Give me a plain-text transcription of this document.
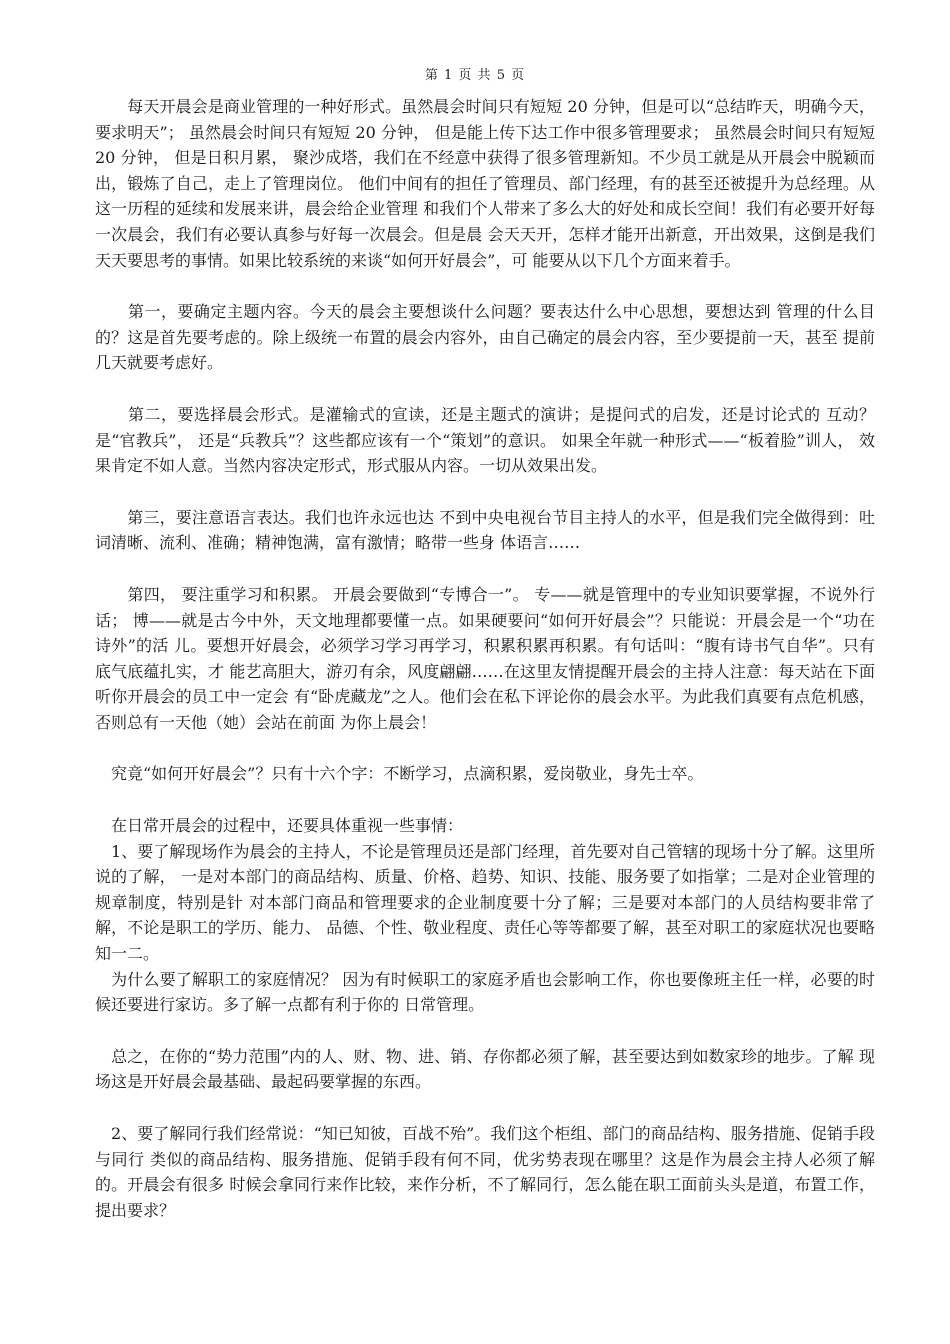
第 1 页 共 5 页

　　每天开晨会是商业管理的一种好形式。虽然晨会时间只有短短 20 分钟，但是可以“总结昨天，明确今天，要求明天”； 虽然晨会时间只有短短 20 分钟， 但是能上传下达工作中很多管理要求； 虽然晨会时间只有短短 20 分钟， 但是日积月累， 聚沙成塔，我们在不经意中获得了很多管理新知。不少员工就是从开晨会中脱颖而出，锻炼了自己，走上了管理岗位。 他们中间有的担任了管理员、部门经理，有的甚至还被提升为总经理。从这一历程的延续和发展来讲，晨会给企业管理 和我们个人带来了多么大的好处和成长空间！我们有必要开好每一次晨会，我们有必要认真参与好每一次晨会。但是晨 会天天开，怎样才能开出新意，开出效果，这倒是我们天天要思考的事情。如果比较系统的来谈“如何开好晨会”，可 能要从以下几个方面来着手。

　　第一，要确定主题内容。今天的晨会主要想谈什么问题？要表达什么中心思想，要想达到 管理的什么目的？这是首先要考虑的。除上级统一布置的晨会内容外，由自己确定的晨会内容，至少要提前一天，甚至 提前几天就要考虑好。

　　第二，要选择晨会形式。是灌输式的宣读，还是主题式的演讲；是提问式的启发，还是讨论式的 互动？是“官教兵”， 还是“兵教兵”？这些都应该有一个“策划”的意识。 如果全年就一种形式——“板着脸”训人， 效果肯定不如人意。当然内容决定形式，形式服从内容。一切从效果出发。

　　第三，要注意语言表达。我们也许永远也达 不到中央电视台节目主持人的水平，但是我们完全做得到：吐词清晰、流利、准确；精神饱满，富有激情；略带一些身 体语言……

　　第四， 要注重学习和积累。 开晨会要做到“专博合一”。 专——就是管理中的专业知识要掌握，不说外行话； 博——就是古今中外，天文地理都要懂一点。如果硬要问“如何开好晨会”？只能说：开晨会是一个“功在诗外”的活 儿。要想开好晨会，必须学习学习再学习，积累积累再积累。有句话叫：“腹有诗书气自华”。只有底气底蕴扎实，才 能艺高胆大，游刃有余，风度翩翩……在这里友情提醒开晨会的主持人注意：每天站在下面听你开晨会的员工中一定会 有“卧虎藏龙”之人。他们会在私下评论你的晨会水平。为此我们真要有点危机感，否则总有一天他（她）会站在前面 为你上晨会！

　究竟“如何开好晨会”？只有十六个字：不断学习，点滴积累，爱岗敬业，身先士卒。

　在日常开晨会的过程中，还要具体重视一些事情：

　1、要了解现场作为晨会的主持人，不论是管理员还是部门经理，首先要对自己管辖的现场十分了解。这里所说的了解， 一是对本部门的商品结构、质量、价格、趋势、知识、技能、服务要了如指掌；二是对企业管理的规章制度，特别是针 对本部门商品和管理要求的企业制度要十分了解；三是要对本部门的人员结构要非常了解，不论是职工的学历、能力、 品德、个性、敬业程度、责任心等等都要了解，甚至对职工的家庭状况也要略知一二。

　为什么要了解职工的家庭情况？ 因为有时候职工的家庭矛盾也会影响工作，你也要像班主任一样，必要的时候还要进行家访。多了解一点都有利于你的 日常管理。

　总之，在你的“势力范围”内的人、财、物、进、销、存你都必须了解，甚至要达到如数家珍的地步。了解 现场这是开好晨会最基础、最起码要掌握的东西。

　2、要了解同行我们经常说：“知已知彼，百战不殆”。我们这个柜组、部门的商品结构、服务措施、促销手段与同行 类似的商品结构、服务措施、促销手段有何不同，优劣势表现在哪里？这是作为晨会主持人必须了解的。开晨会有很多 时候会拿同行来作比较，来作分析，不了解同行，怎么能在职工面前头头是道，布置工作，提出要求？
